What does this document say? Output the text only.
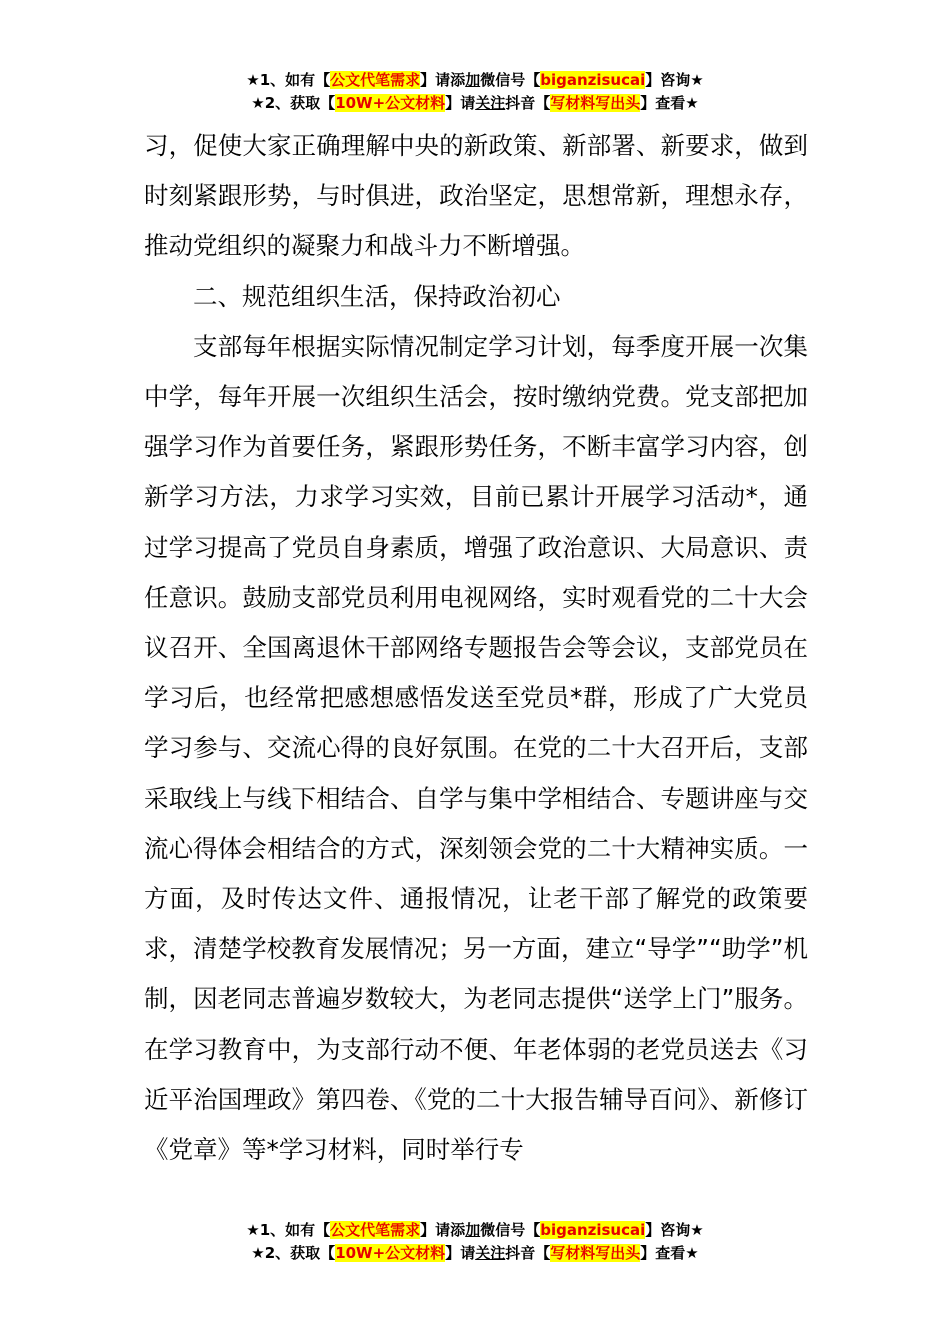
★1、如有【公文代笔需求】请添加微信号【biganzisucai】咨询★
★2、获取【10W+公文材料】请关注抖音【写材料写出头】查看★

习，促使大家正确理解中央的新政策、新部署、新要求，做到时刻紧跟形势，与时俱进，政治坚定，思想常新，理想永存，推动党组织的凝聚力和战斗力不断增强。

二、规范组织生活，保持政治初心

支部每年根据实际情况制定学习计划，每季度开展一次集中学，每年开展一次组织生活会，按时缴纳党费。党支部把加强学习作为首要任务，紧跟形势任务，不断丰富学习内容，创新学习方法，力求学习实效，目前已累计开展学习活动*，通过学习提高了党员自身素质，增强了政治意识、大局意识、责任意识。鼓励支部党员利用电视网络，实时观看党的二十大会议召开、全国离退休干部网络专题报告会等会议，支部党员在学习后，也经常把感想感悟发送至党员*群，形成了广大党员学习参与、交流心得的良好氛围。在党的二十大召开后，支部采取线上与线下相结合、自学与集中学相结合、专题讲座与交流心得体会相结合的方式，深刻领会党的二十大精神实质。一方面，及时传达文件、通报情况，让老干部了解党的政策要求，清楚学校教育发展情况；另一方面，建立“导学”“助学”机制，因老同志普遍岁数较大，为老同志提供“送学上门”服务。在学习教育中，为支部行动不便、年老体弱的老党员送去《习近平治国理政》第四卷、《党的二十大报告辅导百问》、新修订《党章》等*学习材料，同时举行专

★1、如有【公文代笔需求】请添加微信号【biganzisucai】咨询★
★2、获取【10W+公文材料】请关注抖音【写材料写出头】查看★
